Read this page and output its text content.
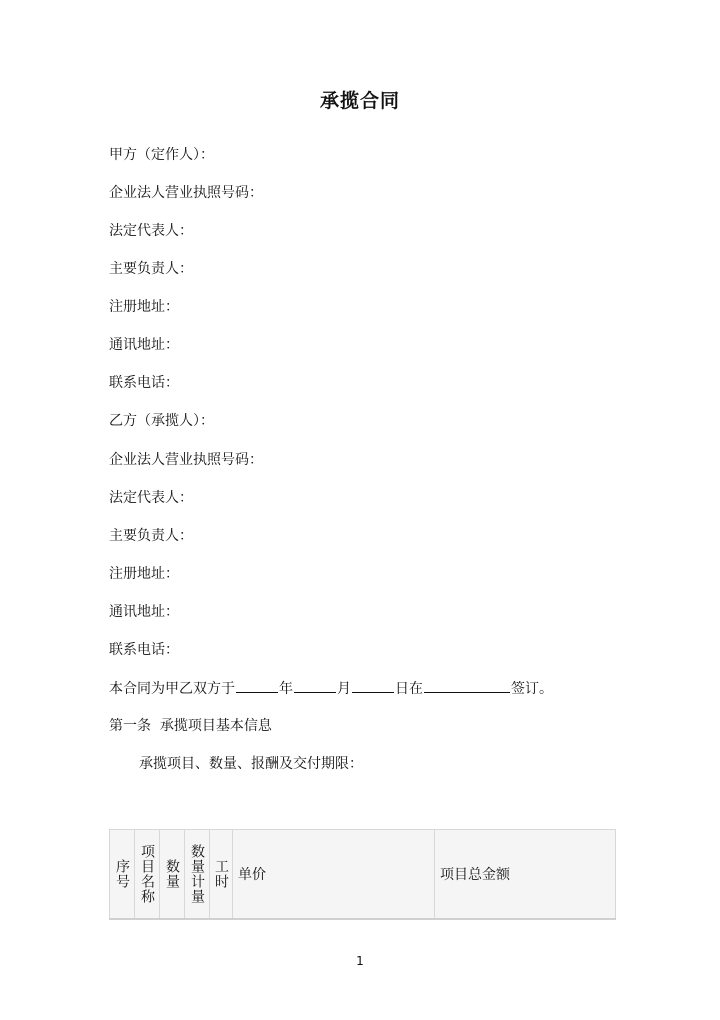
承揽合同
甲方（定作人）：
企业法人营业执照号码：
法定代表人：
主要负责人：
注册地址：
通讯地址：
联系电话：
乙方（承揽人）：
企业法人营业执照号码：
法定代表人：
主要负责人：
注册地址：
通讯地址：
联系电话：
本合同为甲乙双方于	年	月	日在	签订。
第一条  承揽项目基本信息
承揽项目、数量、报酬及交付期限：
序号	项目名称	数量	数量计量	工时	单价	项目总金额
1
